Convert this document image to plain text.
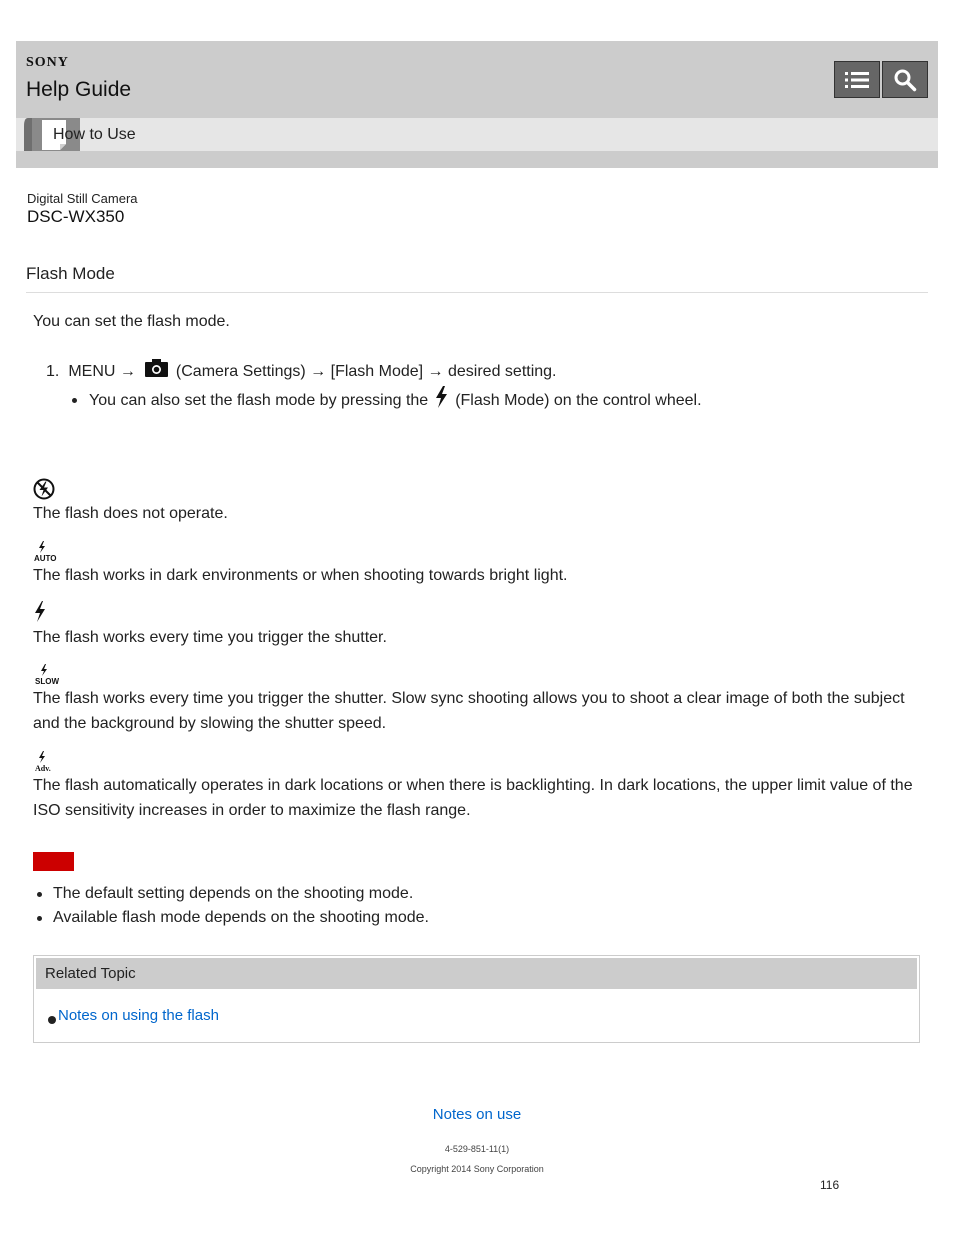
SONY
Help Guide
How to Use
Digital Still Camera
DSC-WX350
Flash Mode
You can set the flash mode.
1. MENU →	(Camera Settings) → [Flash Mode] → desired setting.
You can also set the flash mode by pressing the (Flash Mode) on the control wheel.
The flash does not operate.
AUTO
The flash works in dark environments or when shooting towards bright light.
The flash works every time you trigger the shutter.
SLOW
The flash works every time you trigger the shutter. Slow sync shooting allows you to shoot a clear image of both the subject and the background by slowing the shutter speed.
Adv.
The flash automatically operates in dark locations or when there is backlighting. In dark locations, the upper limit value of the ISO sensitivity increases in order to maximize the flash range.
The default setting depends on the shooting mode.
Available flash mode depends on the shooting mode.
Related Topic
Notes on using the flash
Notes on use
4-529-851-11(1)
Copyright 2014 Sony Corporation
116
